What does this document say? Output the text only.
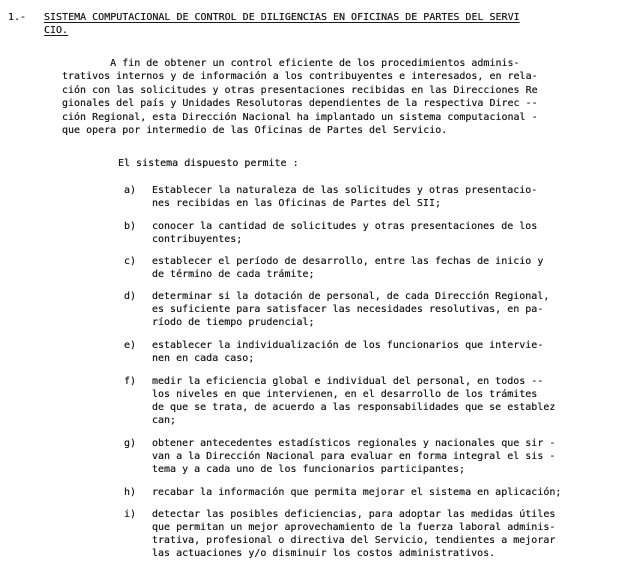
1.- SISTEMA COMPUTACIONAL DE CONTROL DE DILIGENCIAS EN OFICINAS DE PARTES DEL SERVI
CIO.
A fin de obtener un control eficiente de los procedimientos adminis-
trativos internos y de información a los contribuyentes e interesados, en rela-
ción con las solicitudes y otras presentaciones recibidas en las Direcciones Re
gionales del país y Unidades Resolutoras dependientes de la respectiva Direc --
ción Regional, esta Dirección Nacional ha implantado un sistema computacional -
que opera por intermedio de las Oficinas de Partes del Servicio.
El sistema dispuesto permite :
a) Establecer la naturaleza de las solicitudes y otras presentacio-
nes recibidas en las Oficinas de Partes del SII;
b) conocer la cantidad de solicitudes y otras presentaciones de los
contribuyentes;
c) establecer el período de desarrollo, entre las fechas de inicio y
de término de cada trámite;
d) determinar si la dotación de personal, de cada Dirección Regional,
es suficiente para satisfacer las necesidades resolutivas, en pa-
ríodo de tiempo prudencial;
e) establecer la individualización de los funcionarios que intervie-
nen en cada caso;
f) medir la eficiencia global e individual del personal, en todos --
los niveles en que intervienen, en el desarrollo de los trámites
de que se trata, de acuerdo a las responsabilidades que se establez
can;
g) obtener antecedentes estadísticos regionales y nacionales que sir -
van a la Dirección Nacional para evaluar en forma integral el sis -
tema y a cada uno de los funcionarios participantes;
h) recabar la información que permita mejorar el sistema en aplicación;
i) detectar las posibles deficiencias, para adoptar las medidas útiles
que permitan un mejor aprovechamiento de la fuerza laboral adminis-
trativa, profesional o directiva del Servicio, tendientes a mejorar
las actuaciones y/o disminuir los costos administrativos.
